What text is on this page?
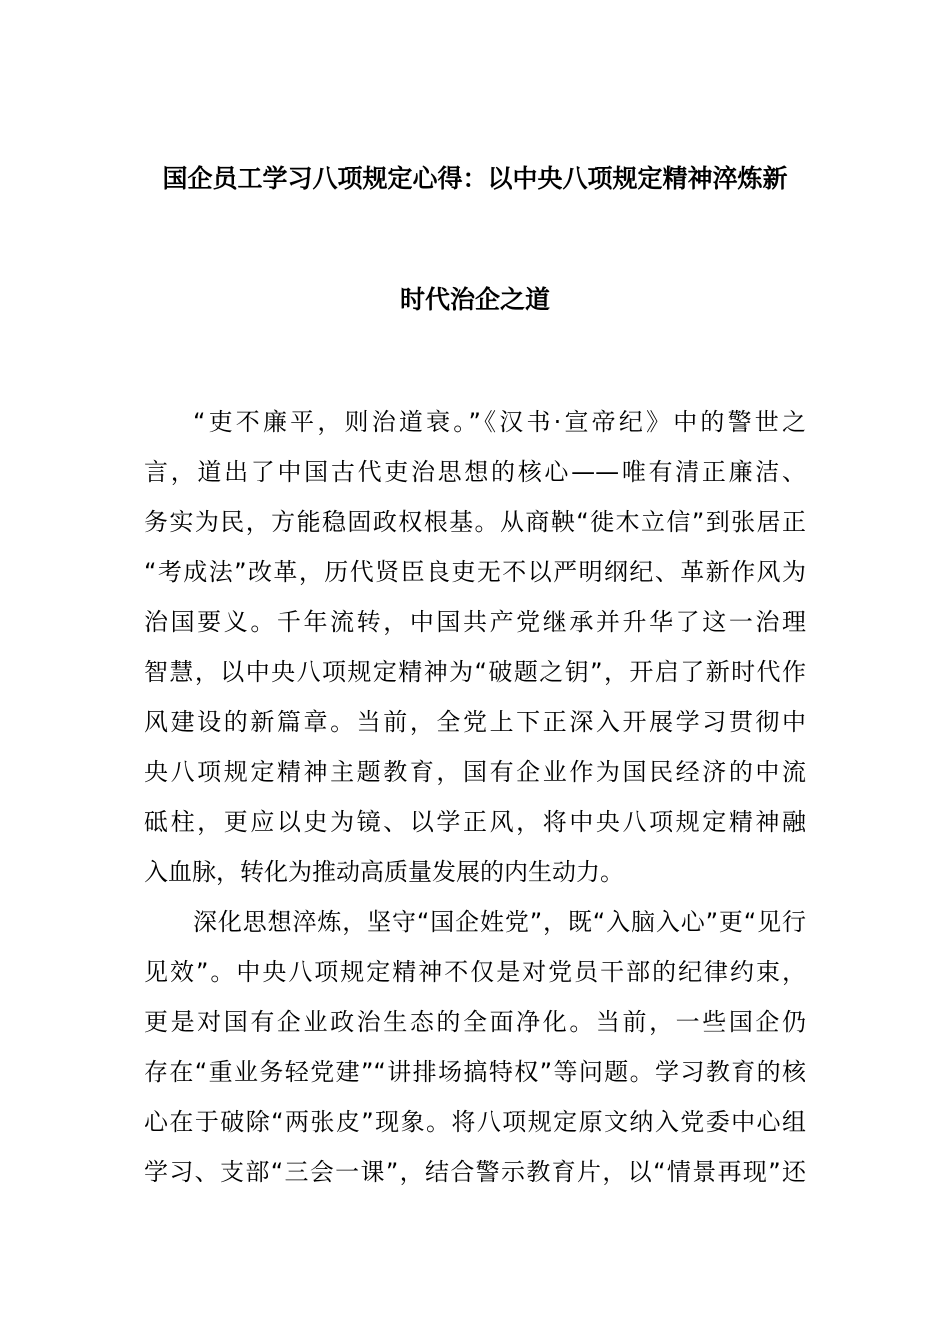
国企员工学习八项规定心得：以中央八项规定精神淬炼新
时代治企之道
“吏不廉平，则治道衰。”《汉书·宣帝纪》中的警世之
言，道出了中国古代吏治思想的核心——唯有清正廉洁、
务实为民，方能稳固政权根基。从商鞅“徙木立信”到张居正
“考成法”改革，历代贤臣良吏无不以严明纲纪、革新作风为
治国要义。千年流转，中国共产党继承并升华了这一治理
智慧，以中央八项规定精神为“破题之钥”，开启了新时代作
风建设的新篇章。当前，全党上下正深入开展学习贯彻中
央八项规定精神主题教育，国有企业作为国民经济的中流
砥柱，更应以史为镜、以学正风，将中央八项规定精神融
入血脉，转化为推动高质量发展的内生动力。
深化思想淬炼，坚守“国企姓党”，既“入脑入心”更“见行
见效”。中央八项规定精神不仅是对党员干部的纪律约束，
更是对国有企业政治生态的全面净化。当前，一些国企仍
存在“重业务轻党建”“讲排场搞特权”等问题。学习教育的核
心在于破除“两张皮”现象。将八项规定原文纳入党委中心组
学习、支部“三会一课”，结合警示教育片，以“情景再现”还
